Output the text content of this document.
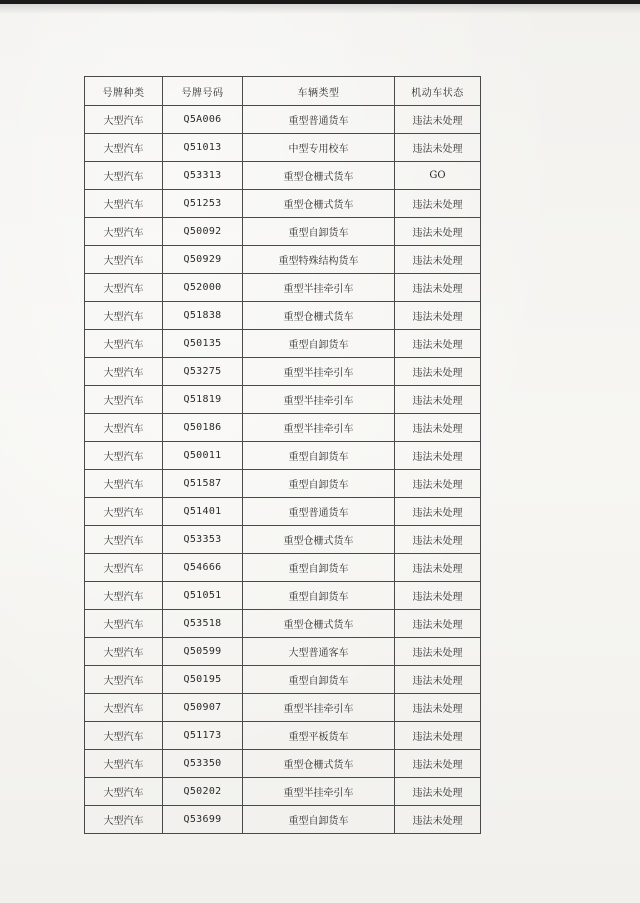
号牌种类	号牌号码	车辆类型	机动车状态
大型汽车	Q5A006	重型普通货车	违法未处理
大型汽车	Q51013	中型专用校车	违法未处理
大型汽车	Q53313	重型仓栅式货车	GO
大型汽车	Q51253	重型仓栅式货车	违法未处理
大型汽车	Q50092	重型自卸货车	违法未处理
大型汽车	Q50929	重型特殊结构货车	违法未处理
大型汽车	Q52000	重型半挂牵引车	违法未处理
大型汽车	Q51838	重型仓栅式货车	违法未处理
大型汽车	Q50135	重型自卸货车	违法未处理
大型汽车	Q53275	重型半挂牵引车	违法未处理
大型汽车	Q51819	重型半挂牵引车	违法未处理
大型汽车	Q50186	重型半挂牵引车	违法未处理
大型汽车	Q50011	重型自卸货车	违法未处理
大型汽车	Q51587	重型自卸货车	违法未处理
大型汽车	Q51401	重型普通货车	违法未处理
大型汽车	Q53353	重型仓栅式货车	违法未处理
大型汽车	Q54666	重型自卸货车	违法未处理
大型汽车	Q51051	重型自卸货车	违法未处理
大型汽车	Q53518	重型仓栅式货车	违法未处理
大型汽车	Q50599	大型普通客车	违法未处理
大型汽车	Q50195	重型自卸货车	违法未处理
大型汽车	Q50907	重型半挂牵引车	违法未处理
大型汽车	Q51173	重型平板货车	违法未处理
大型汽车	Q53350	重型仓栅式货车	违法未处理
大型汽车	Q50202	重型半挂牵引车	违法未处理
大型汽车	Q53699	重型自卸货车	违法未处理
